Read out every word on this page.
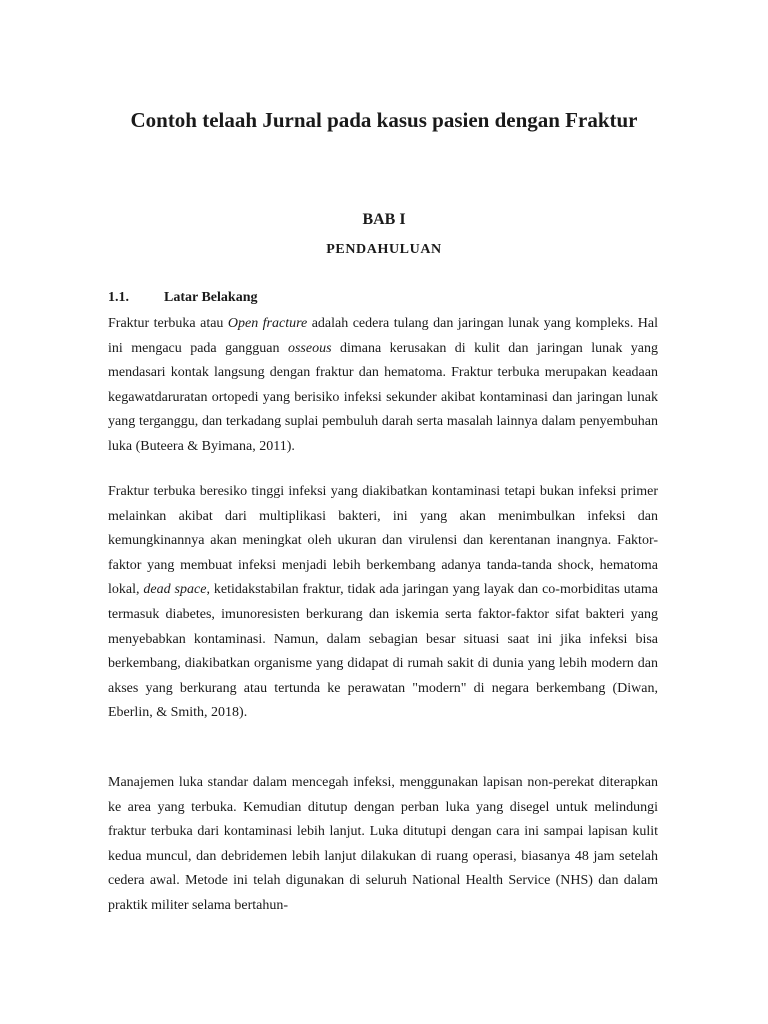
Contoh telaah Jurnal pada kasus pasien dengan Fraktur
BAB I
PENDAHULUAN
1.1.	Latar Belakang

Fraktur terbuka atau Open fracture adalah cedera tulang dan jaringan lunak yang kompleks. Hal ini mengacu pada gangguan osseous dimana kerusakan di kulit dan jaringan lunak yang mendasari kontak langsung dengan fraktur dan hematoma. Fraktur terbuka merupakan keadaan kegawatdaruratan ortopedi yang berisiko infeksi sekunder akibat kontaminasi dan jaringan lunak yang terganggu, dan terkadang suplai pembuluh darah serta masalah lainnya dalam penyembuhan luka (Buteera & Byimana, 2011).

Fraktur terbuka beresiko tinggi infeksi yang diakibatkan kontaminasi tetapi bukan infeksi primer melainkan akibat dari multiplikasi bakteri, ini yang akan menimbulkan infeksi dan kemungkinannya akan meningkat oleh ukuran dan virulensi dan kerentanan inangnya. Faktor-faktor yang membuat infeksi menjadi lebih berkembang adanya tanda-tanda shock, hematoma lokal, dead space, ketidakstabilan fraktur, tidak ada jaringan yang layak dan co-morbiditas utama termasuk diabetes, imunoresisten berkurang dan iskemia serta faktor-faktor sifat bakteri yang menyebabkan kontaminasi. Namun, dalam sebagian besar situasi saat ini jika infeksi bisa berkembang, diakibatkan organisme yang didapat di rumah sakit di dunia yang lebih modern dan akses yang berkurang atau tertunda ke perawatan "modern" di negara berkembang (Diwan, Eberlin, & Smith, 2018).

Manajemen luka standar dalam mencegah infeksi, menggunakan lapisan non-perekat diterapkan ke area yang terbuka. Kemudian ditutup dengan perban luka yang disegel untuk melindungi fraktur terbuka dari kontaminasi lebih lanjut. Luka ditutupi dengan cara ini sampai lapisan kulit kedua muncul, dan debridemen lebih lanjut dilakukan di ruang operasi, biasanya 48 jam setelah cedera awal. Metode ini telah digunakan di seluruh National Health Service (NHS) dan dalam praktik militer selama bertahun-
